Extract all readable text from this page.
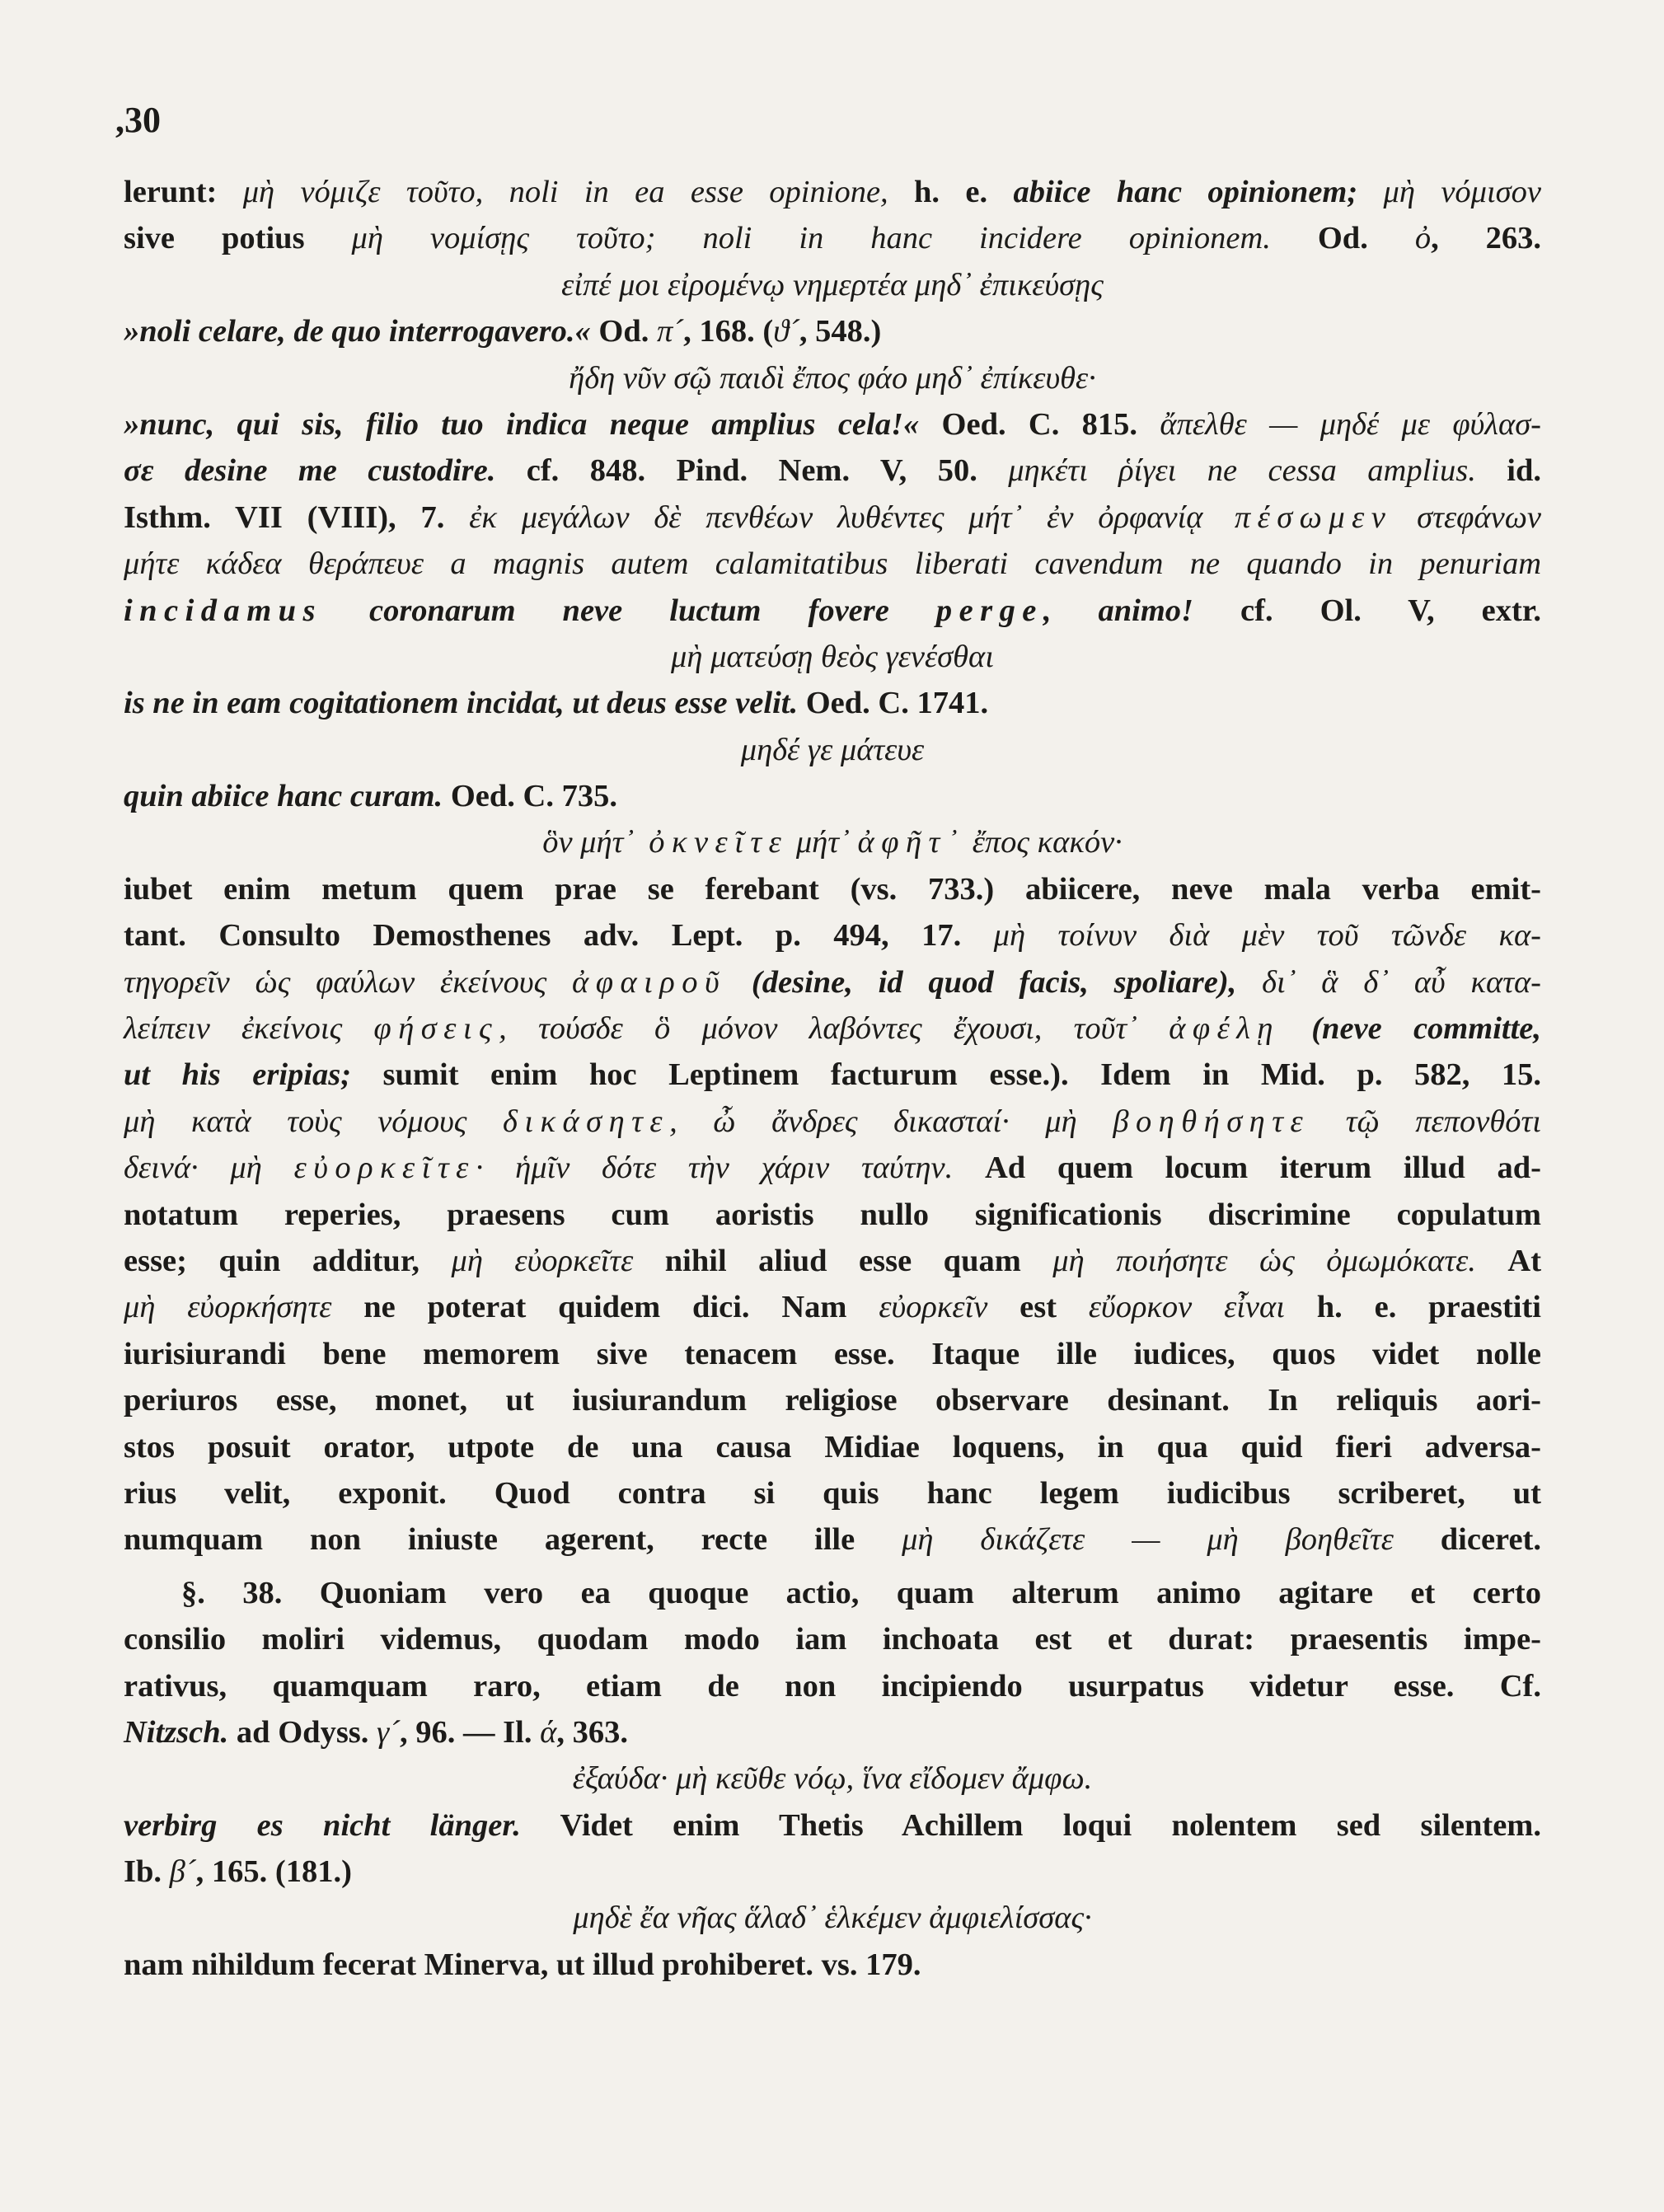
,30
lerunt: μὴ νόμιζε τοῦτο, noli in ea esse opinione, h. e. abiice hanc opinionem; μὴ νόμισον
sive potius μὴ νομίσῃς τοῦτο; noli in hanc incidere opinionem. Od. ὀ, 263.
εἰπέ μοι εἰρομένῳ νημερτέα μηδ᾽ ἐπικεύσῃς
»noli celare, de quo interrogavero.« Od. π´, 168. (ϑ´, 548.)
ἤδη νῦν σῷ παιδὶ ἔπος φάο μηδ᾽ ἐπίκευθε·
»nunc, qui sis, filio tuo indica neque amplius cela!« Oed. C. 815. ἄπελθε — μηδέ με φύλασ-
σε desine me custodire. cf. 848. Pind. Nem. V, 50. μηκέτι ῥίγει ne cessa amplius. id.
Isthm. VII (VIII), 7. ἐκ μεγάλων δὲ πενθέων λυθέντες μήτ᾽ ἐν ὀρφανίᾳ πέσωμεν στεφάνων
μήτε κάδεα θεράπευε a magnis autem calamitatibus liberati cavendum ne quando in penuriam
incidamus coronarum neve luctum fovere perge, animo! cf. Ol. V, extr.
μὴ ματεύσῃ θεὸς γενέσθαι
is ne in eam cogitationem incidat, ut deus esse velit. Oed. C. 1741.
μηδέ γε μάτευε
quin abiice hanc curam. Oed. C. 735.
ὃν μήτ᾽ ὀκνεῖτε μήτ᾽ ἀφῆτ᾽ ἔπος κακόν·
iubet enim metum quem prae se ferebant (vs. 733.) abiicere, neve mala verba emit-
tant. Consulto Demosthenes adv. Lept. p. 494, 17. μὴ τοίνυν διὰ μὲν τοῦ τῶνδε κα-
τηγορεῖν ὡς φαύλων ἐκείνους ἀφαιροῦ (desine, id quod facis, spoliare), δι᾽ ἃ δ᾽ αὖ κατα-
λείπειν ἐκείνοις φήσεις, τούσδε ὃ μόνον λαβόντες ἔχουσι, τοῦτ᾽ ἀφέλῃ (neve committe,
ut his eripias; sumit enim hoc Leptinem facturum esse.). Idem in Mid. p. 582, 15.
μὴ κατὰ τοὺς νόμους δικάσητε, ὦ ἄνδρες δικασταί· μὴ βοηθήσητε τῷ πεπονθότι
δεινά· μὴ εὐορκεῖτε· ἡμῖν δότε τὴν χάριν ταύτην. Ad quem locum iterum illud ad-
notatum reperies, praesens cum aoristis nullo significationis discrimine copulatum
esse; quin additur, μὴ εὐορκεῖτε nihil aliud esse quam μὴ ποιήσητε ὡς ὀμωμόκατε. At
μὴ εὐορκήσητε ne poterat quidem dici. Nam εὐορκεῖν est εὔορκον εἶναι h. e. praestiti
iurisiurandi bene memorem sive tenacem esse. Itaque ille iudices, quos videt nolle
periuros esse, monet, ut iusiurandum religiose observare desinant. In reliquis aori-
stos posuit orator, utpote de una causa Midiae loquens, in qua quid fieri adversa-
rius velit, exponit. Quod contra si quis hanc legem iudicibus scriberet, ut
numquam non iniuste agerent, recte ille μὴ δικάζετε — μὴ βοηθεῖτε diceret.
§. 38. Quoniam vero ea quoque actio, quam alterum animo agitare et certo
consilio moliri videmus, quodam modo iam inchoata est et durat: praesentis impe-
rativus, quamquam raro, etiam de non incipiendo usurpatus videtur esse. Cf.
Nitzsch. ad Odyss. γ´, 96. — Il. ά, 363.
ἐξαύδα· μὴ κεῦθε νόῳ, ἵνα εἴδομεν ἄμφω.
verbirg es nicht länger. Videt enim Thetis Achillem loqui nolentem sed silentem.
Ib. β´, 165. (181.)
μηδὲ ἔα νῆας ἅλαδ᾽ ἑλκέμεν ἀμφιελίσσας·
nam nihildum fecerat Minerva, ut illud prohiberet. vs. 179.
